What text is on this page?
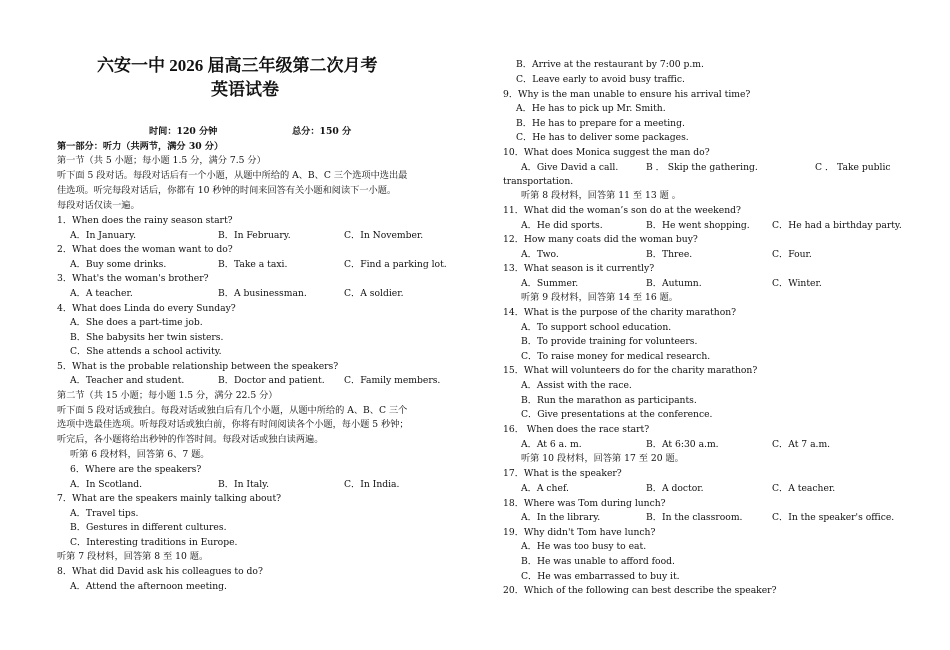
六安一中 2026 届高三年级第二次月考
英语试卷
时间：120 分钟	总分：150 分
第一部分：听力（共两节，满分 30 分）
第一节（共 5 小题；每小题 1.5 分，满分 7.5 分）
听下面 5 段对话。每段对话后有一个小题，从题中所给的 A、B、C 三个选项中选出最
佳选项。听完每段对话后，你都有 10 秒钟的时间来回答有关小题和阅读下一小题。
每段对话仅读一遍。
1．When does the rainy season start?
A．In January.	B．In February.	C．In November.
2．What does the woman want to do?
A．Buy some drinks.	B．Take a taxi.	C．Find a parking lot.
3．What's the woman's brother?
A．A teacher.	B．A businessman.	C．A soldier.
4．What does Linda do every Sunday?
A．She does a part-time job.
B．She babysits her twin sisters.
C．She attends a school activity.
5．What is the probable relationship between the speakers?
A．Teacher and student.	B．Doctor and patient. C．Family members.
第二节（共 15 小题；每小题 1.5 分，满分 22.5 分）
听下面 5 段对话或独白。每段对话或独白后有几个小题，从题中所给的 A、B、C 三个
选项中选最佳选项。听每段对话或独白前，你将有时间阅读各个小题，每小题 5 秒钟；
听完后，各小题将给出秒钟的作答时间。每段对话或独白读两遍。
听第 6 段材料，回答第 6、7 题。
6．Where are the speakers?
A．In Scotland.	B．In Italy.	C．In India.
7．What are the speakers mainly talking about?
A．Travel tips.
B．Gestures in different cultures.
C．Interesting traditions in Europe.
听第 7 段材料，回答第 8 至 10 题。
8．What did David ask his colleagues to do?
A．Attend the afternoon meeting.
B．Arrive at the restaurant by 7:00 p.m.
C．Leave early to avoid busy traffic.
9．Why is the man unable to ensure his arrival time?
A．He has to pick up Mr. Smith.
B．He has to prepare for a meeting.
C．He has to deliver some packages.
10．What does Monica suggest the man do?
A．Give David a call.	B ． Skip the gathering.	C ． Take public
transportation.
听第 8 段材料，回答第 11 至 13 题 。
11．What did the woman’s son do at the weekend?
A．He did sports.	B．He went shopping. C．He had a birthday party.
12．How many coats did the woman buy?
A．Two.	B．Three.	C．Four.
13．What season is it currently?
A．Summer.	B．Autumn.	C．Winter.
听第 9 段材料，回答第 14 至 16 题。
14．What is the purpose of the charity marathon?
A．To support school education.
B．To provide training for volunteers.
C．To raise money for medical research.
15．What will volunteers do for the charity marathon?
A．Assist with the race.
B．Run the marathon as participants.
C．Give presentations at the conference.
16． When does the race start?
A．At 6 a. m.	B．At 6:30 a.m.	C．At 7 a.m.
听第 10 段材料，回答第 17 至 20 题。
17．What is the speaker?
A．A chef.	B．A doctor.	C．A teacher.
18．Where was Tom during lunch?
A．In the library.	B．In the classroom.	C．In the speaker's office.
19．Why didn't Tom have lunch?
A．He was too busy to eat.
B．He was unable to afford food.
C．He was embarrassed to buy it.
20．Which of the following can best describe the speaker?
